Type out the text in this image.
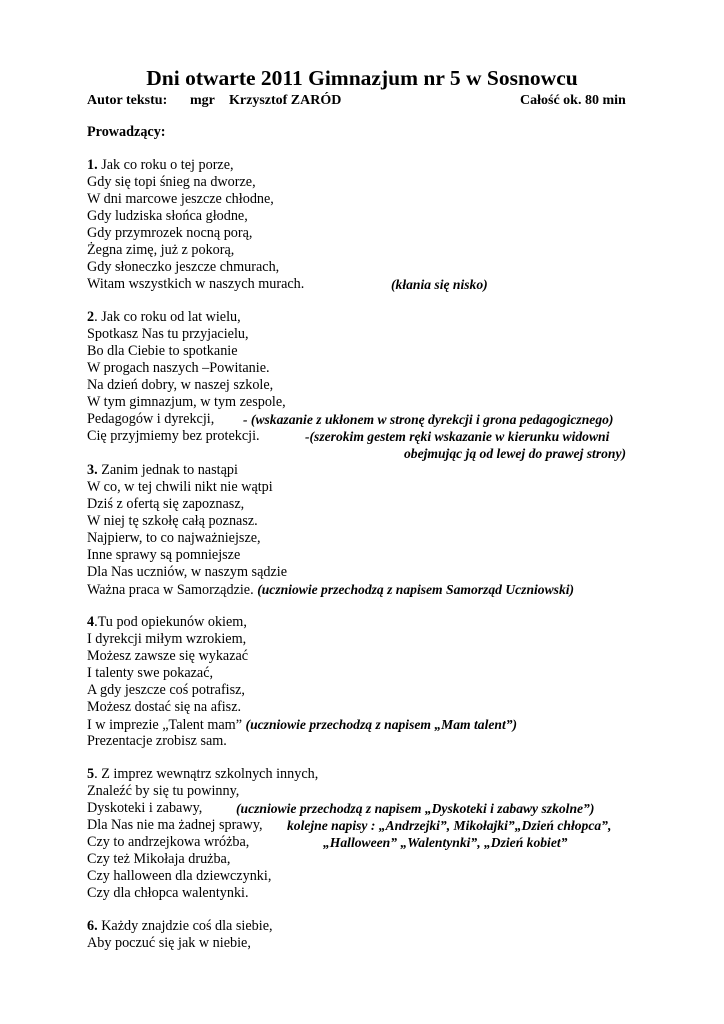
Dni otwarte 2011 Gimnazjum nr 5 w Sosnowcu
Autor tekstu: mgr Krzysztof ZARÓD	Całość ok. 80 min
Prowadzący:
1. Jak co roku o tej porze,
Gdy się topi śnieg na dworze,
W dni marcowe jeszcze chłodne,
Gdy ludziska słońca głodne,
Gdy przymrozek nocną porą,
Żegna zimę, już z pokorą,
Gdy słoneczko jeszcze chmurach,
Witam wszystkich w naszych murach.	(kłania się nisko)
2. Jak co roku od lat wielu,
Spotkasz Nas tu przyjacielu,
Bo dla Ciebie to spotkanie
W progach naszych –Powitanie.
Na dzień dobry, w naszej szkole,
W tym gimnazjum, w tym zespole,
Pedagogów i dyrekcji, - (wskazanie z ukłonem w stronę dyrekcji i grona pedagogicznego)
Cię przyjmiemy bez protekcji.	-(szerokim gestem ręki wskazanie w kierunku widowni
obejmując ją od lewej do prawej strony)
3. Zanim jednak to nastąpi
W co, w tej chwili nikt nie wątpi
Dziś z ofertą się zapoznasz,
W niej tę szkołę całą poznasz.
Najpierw, to co najważniejsze,
Inne sprawy są pomniejsze
Dla Nas uczniów, w naszym sądzie
Ważna praca w Samorządzie. (uczniowie przechodzą z napisem Samorząd Uczniowski)
4.Tu pod opiekunów okiem,
I dyrekcji miłym wzrokiem,
Możesz zawsze się wykazać
I talenty swe pokazać,
A gdy jeszcze coś potrafisz,
Możesz dostać się na afisz.
I w imprezie „Talent mam” (uczniowie przechodzą z napisem „Mam talent”)
Prezentacje zrobisz sam.
5. Z imprez wewnątrz szkolnych innych,
Znaleźć by się tu powinny,
Dyskoteki i zabawy, (uczniowie przechodzą z napisem „Dyskoteki i zabawy szkolne”)
Dla Nas nie ma żadnej sprawy, kolejne napisy : „Andrzejki”, Mikołajki”„Dzień chłopca”,
Czy to andrzejkowa wróżba,	„Halloween” „Walentynki”, „Dzień kobiet”
Czy też Mikołaja drużba,
Czy halloween dla dziewczynki,
Czy dla chłopca walentynki.
6. Każdy znajdzie coś dla siebie,
Aby poczuć się jak w niebie,
